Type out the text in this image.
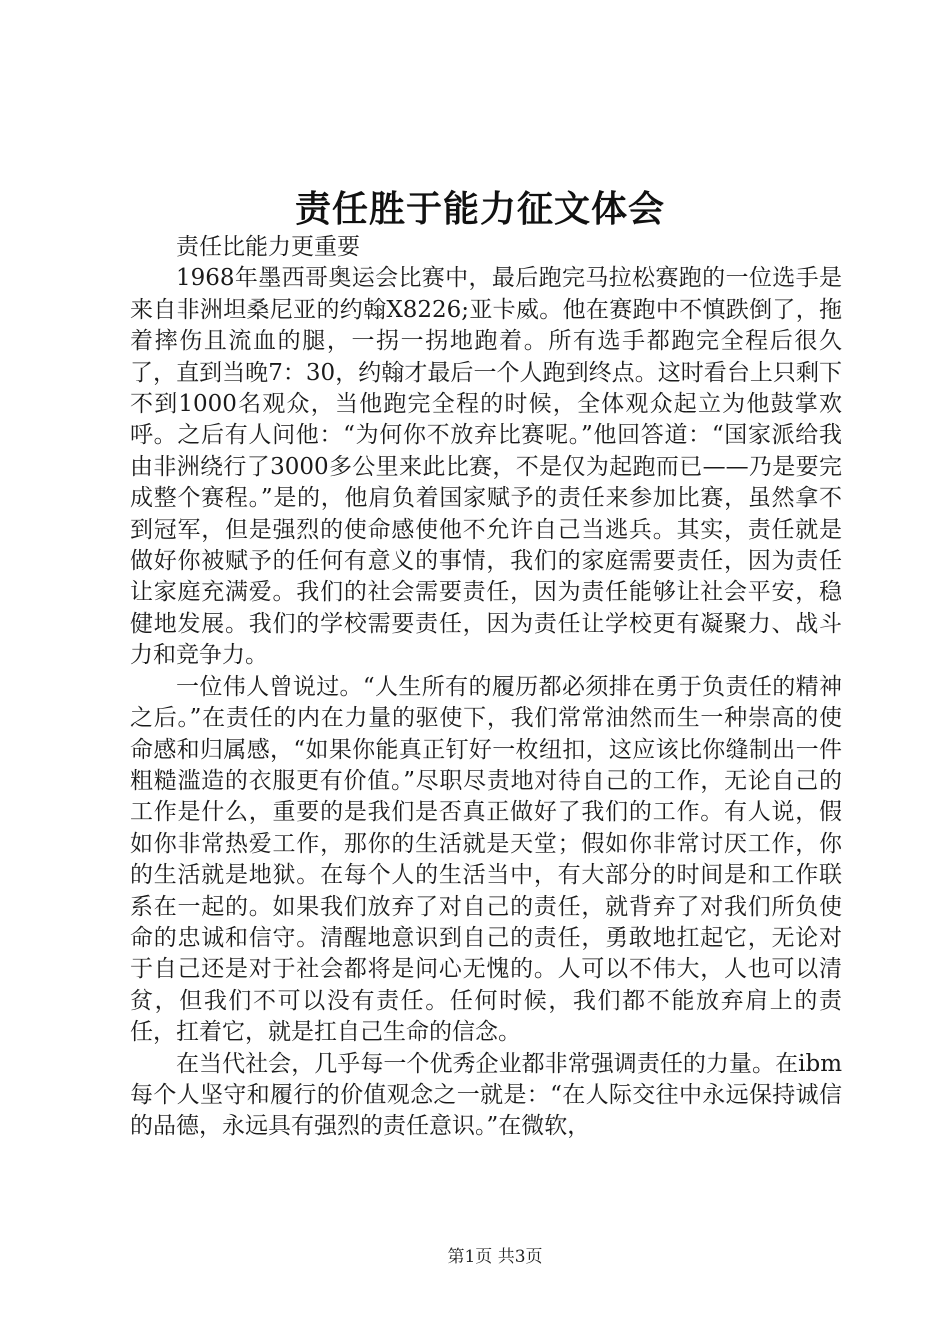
责任胜于能力征文体会

责任比能力更重要

1968年墨西哥奥运会比赛中，最后跑完马拉松赛跑的一位选手是来自非洲坦桑尼亚的约翰X8226;亚卡威。他在赛跑中不慎跌倒了，拖着摔伤且流血的腿，一拐一拐地跑着。所有选手都跑完全程后很久了，直到当晚7：30，约翰才最后一个人跑到终点。这时看台上只剩下不到1000名观众，当他跑完全程的时候，全体观众起立为他鼓掌欢呼。之后有人问他：“为何你不放弃比赛呢。”他回答道：“国家派给我由非洲绕行了3000多公里来此比赛，不是仅为起跑而已——乃是要完成整个赛程。”是的，他肩负着国家赋予的责任来参加比赛，虽然拿不到冠军，但是强烈的使命感使他不允许自己当逃兵。其实，责任就是做好你被赋予的任何有意义的事情，我们的家庭需要责任，因为责任让家庭充满爱。我们的社会需要责任，因为责任能够让社会平安，稳健地发展。我们的学校需要责任，因为责任让学校更有凝聚力、战斗力和竞争力。

一位伟人曾说过。“人生所有的履历都必须排在勇于负责任的精神之后。”在责任的内在力量的驱使下，我们常常油然而生一种崇高的使命感和归属感，“如果你能真正钉好一枚纽扣，这应该比你缝制出一件粗糙滥造的衣服更有价值。”尽职尽责地对待自己的工作，无论自己的工作是什么，重要的是我们是否真正做好了我们的工作。有人说，假如你非常热爱工作，那你的生活就是天堂；假如你非常讨厌工作，你的生活就是地狱。在每个人的生活当中，有大部分的时间是和工作联系在一起的。如果我们放弃了对自己的责任，就背弃了对我们所负使命的忠诚和信守。清醒地意识到自己的责任，勇敢地扛起它，无论对于自己还是对于社会都将是问心无愧的。人可以不伟大，人也可以清贫，但我们不可以没有责任。任何时候，我们都不能放弃肩上的责任，扛着它，就是扛自己生命的信念。

在当代社会，几乎每一个优秀企业都非常强调责任的力量。在ibm每个人坚守和履行的价值观念之一就是：“在人际交往中永远保持诚信的品德，永远具有强烈的责任意识。”在微软，

第1页 共3页
